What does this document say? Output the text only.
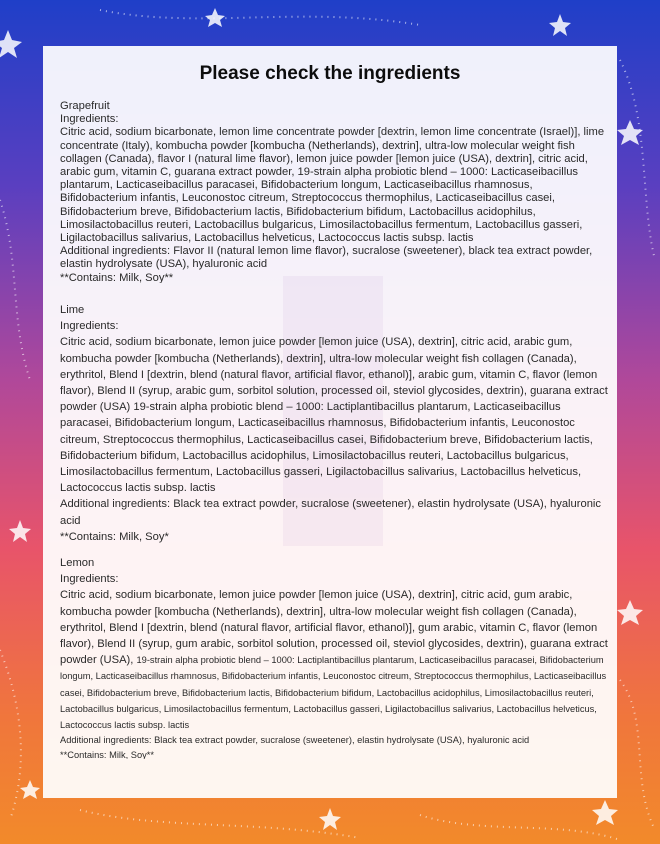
Please check the ingredients
Grapefruit
Ingredients:
Citric acid, sodium bicarbonate, lemon lime concentrate powder [dextrin, lemon lime concentrate (Israel)], lime concentrate (Italy), kombucha powder [kombucha (Netherlands), dextrin], ultra-low molecular weight fish collagen (Canada), flavor I (natural lime flavor), lemon juice powder [lemon juice (USA), dextrin], citric acid, arabic gum, vitamin C, guarana extract powder, 19-strain alpha probiotic blend – 1000: Lacticaseibacillus plantarum, Lacticaseibacillus paracasei, Bifidobacterium longum, Lacticaseibacillus rhamnosus, Bifidobacterium infantis, Leuconostoc citreum, Streptococcus thermophilus, Lacticaseibacillus casei, Bifidobacterium breve, Bifidobacterium lactis, Bifidobacterium bifidum, Lactobacillus acidophilus, Limosilactobacillus reuteri, Lactobacillus bulgaricus, Limosilactobacillus fermentum, Lactobacillus gasseri, Ligilactobacillus salivarius, Lactobacillus helveticus, Lactococcus lactis subsp. lactis
Additional ingredients: Flavor II (natural lemon lime flavor), sucralose (sweetener), black tea extract powder, elastin hydrolysate (USA), hyaluronic acid
**Contains: Milk, Soy**
Lime
Ingredients:
Citric acid, sodium bicarbonate, lemon juice powder [lemon juice (USA), dextrin], citric acid, arabic gum, kombucha powder [kombucha (Netherlands), dextrin], ultra-low molecular weight fish collagen (Canada), erythritol, Blend I [dextrin, blend (natural flavor, artificial flavor, ethanol)], arabic gum, vitamin C, flavor (lemon flavor), Blend II (syrup, arabic gum, sorbitol solution, processed oil, steviol glycosides, dextrin), guarana extract powder (USA) 19-strain alpha probiotic blend – 1000: Lactiplantibacillus plantarum, Lacticaseibacillus paracasei, Bifidobacterium longum, Lacticaseibacillus rhamnosus, Bifidobacterium infantis, Leuconostoc citreum, Streptococcus thermophilus, Lacticaseibacillus casei, Bifidobacterium breve, Bifidobacterium lactis, Bifidobacterium bifidum, Lactobacillus acidophilus, Limosilactobacillus reuteri, Lactobacillus bulgaricus, Limosilactobacillus fermentum, Lactobacillus gasseri, Ligilactobacillus salivarius, Lactobacillus helveticus, Lactococcus lactis subsp. lactis
Additional ingredients: Black tea extract powder, sucralose (sweetener), elastin hydrolysate (USA), hyaluronic acid
**Contains: Milk, Soy*
Lemon
Ingredients:
Citric acid, sodium bicarbonate, lemon juice powder [lemon juice (USA), dextrin], citric acid, gum arabic, kombucha powder [kombucha (Netherlands), dextrin], ultra-low molecular weight fish collagen (Canada), erythritol, Blend I [dextrin, blend (natural flavor, artificial flavor, ethanol)], gum arabic, vitamin C, flavor (lemon flavor), Blend II (syrup, gum arabic, sorbitol solution, processed oil, steviol glycosides, dextrin), guarana extract powder (USA), 19-strain alpha probiotic blend – 1000: Lactiplantibacillus plantarum, Lacticaseibacillus paracasei, Bifidobacterium longum, Lacticaseibacillus rhamnosus, Bifidobacterium infantis, Leuconostoc citreum, Streptococcus thermophilus, Lacticaseibacillus casei, Bifidobacterium breve, Bifidobacterium lactis, Bifidobacterium bifidum, Lactobacillus acidophilus, Limosilactobacillus reuteri, Lactobacillus bulgaricus, Limosilactobacillus fermentum, Lactobacillus gasseri, Ligilactobacillus salivarius, Lactobacillus helveticus, Lactococcus lactis subsp. lactis
Additional ingredients: Black tea extract powder, sucralose (sweetener), elastin hydrolysate (USA), hyaluronic acid
**Contains: Milk, Soy**
